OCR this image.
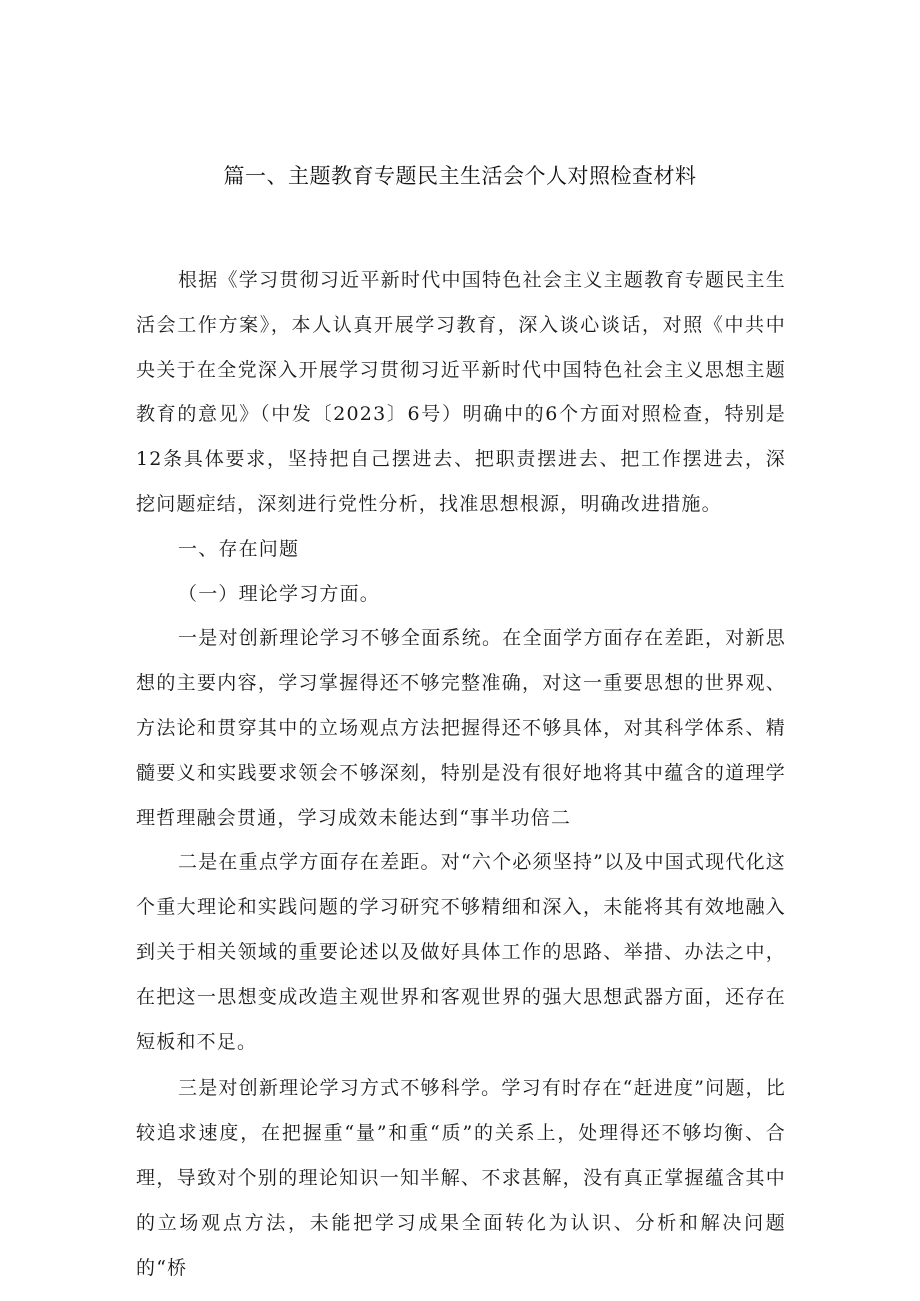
篇一、主题教育专题民主生活会个人对照检查材料

根据《学习贯彻习近平新时代中国特色社会主义主题教育专题民主生活会工作方案》，本人认真开展学习教育，深入谈心谈话，对照《中共中央关于在全党深入开展学习贯彻习近平新时代中国特色社会主义思想主题教育的意见》（中发〔2023〕6号）明确中的6个方面对照检查，特别是12条具体要求，坚持把自己摆进去、把职责摆进去、把工作摆进去，深挖问题症结，深刻进行党性分析，找准思想根源，明确改进措施。

一、存在问题

（一）理论学习方面。

一是对创新理论学习不够全面系统。在全面学方面存在差距，对新思想的主要内容，学习掌握得还不够完整准确，对这一重要思想的世界观、方法论和贯穿其中的立场观点方法把握得还不够具体，对其科学体系、精髓要义和实践要求领会不够深刻，特别是没有很好地将其中蕴含的道理学理哲理融会贯通，学习成效未能达到“事半功倍二

二是在重点学方面存在差距。对“六个必须坚持”以及中国式现代化这个重大理论和实践问题的学习研究不够精细和深入，未能将其有效地融入到关于相关领域的重要论述以及做好具体工作的思路、举措、办法之中，在把这一思想变成改造主观世界和客观世界的强大思想武器方面，还存在短板和不足。

三是对创新理论学习方式不够科学。学习有时存在“赶进度”问题，比较追求速度，在把握重“量”和重“质”的关系上，处理得还不够均衡、合理，导致对个别的理论知识一知半解、不求甚解，没有真正掌握蕴含其中的立场观点方法，未能把学习成果全面转化为认识、分析和解决问题的“桥
